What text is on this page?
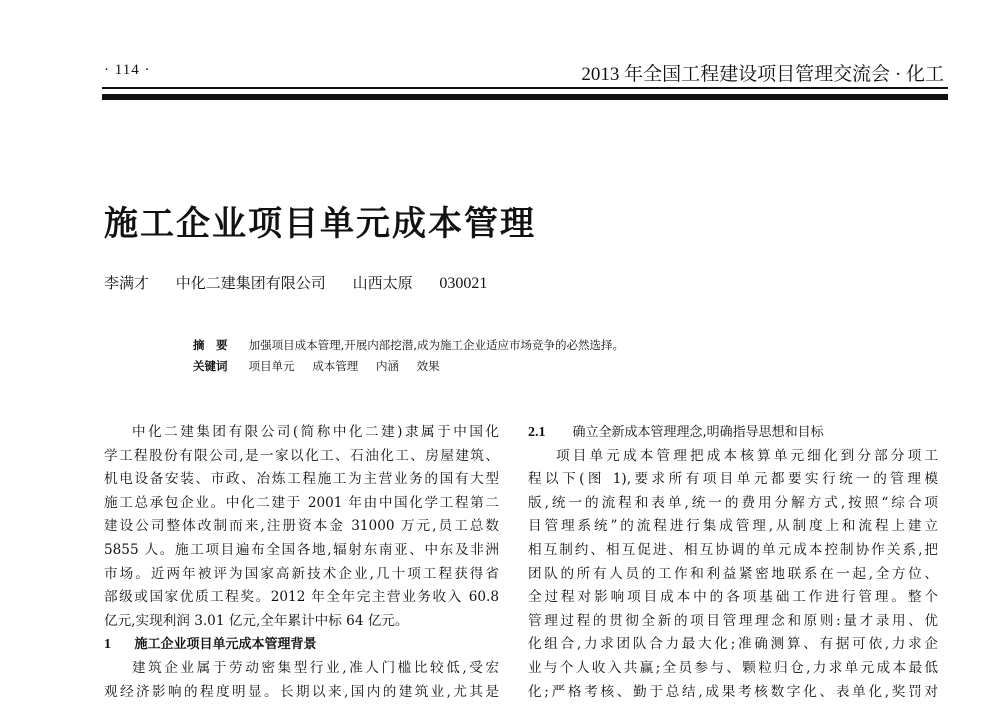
· 114 ·	2013 年全国工程建设项目管理交流会 · 化工
施工企业项目单元成本管理
李满才 中化二建集团有限公司 山西太原 030021
摘　要 加强项目成本管理,开展内部挖潜,成为施工企业适应市场竞争的必然选择。
关键词 项目单元 成本管理 内涵 效果
中化二建集团有限公司(简称中化二建)隶属于中国化
学工程股份有限公司,是一家以化工、石油化工、房屋建筑、
机电设备安装、市政、冶炼工程施工为主营业务的国有大型
施工总承包企业。中化二建于 2001 年由中国化学工程第二
建设公司整体改制而来,注册资本金 31000 万元,员工总数
5855 人。施工项目遍布全国各地,辐射东南亚、中东及非洲
市场。近两年被评为国家高新技术企业,几十项工程获得省
部级或国家优质工程奖。2012 年全年完主营业务收入 60.8
亿元,实现利润 3.01 亿元,全年累计中标 64 亿元。
1 施工企业项目单元成本管理背景
建筑企业属于劳动密集型行业,准人门槛比较低,受宏
观经济影响的程度明显。长期以来,国内的建筑业,尤其是
2.1 确立全新成本管理理念,明确指导思想和目标
项目单元成本管理把成本核算单元细化到分部分项工
程以下(图 1),要求所有项目单元都要实行统一的管理模
版,统一的流程和表单,统一的费用分解方式,按照“综合项
目管理系统”的流程进行集成管理,从制度上和流程上建立
相互制约、相互促进、相互协调的单元成本控制协作关系,把
团队的所有人员的工作和利益紧密地联系在一起,全方位、
全过程对影响项目成本中的各项基础工作进行管理。整个
管理过程的贯彻全新的项目管理理念和原则:量才录用、优
化组合,力求团队合力最大化;准确测算、有据可依,力求企
业与个人收入共赢;全员参与、颗粒归仓,力求单元成本最低
化;严格考核、勤于总结,成果考核数字化、表单化,奖罚对
